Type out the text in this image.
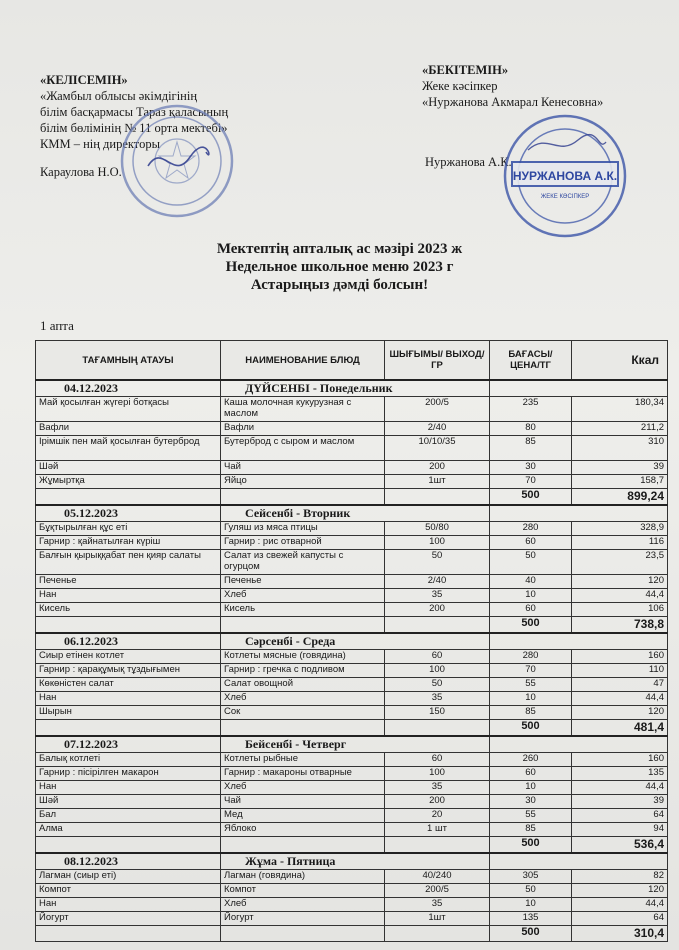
«КЕЛІСЕМІН»
«Жамбыл облысы әкімдігінің
білім басқармасы Тараз қаласының
білім бөлімінің № 11 орта мектебі»
КММ – нің директоры
Караулова Н.О.
«БЕКІТЕМІН»
Жеке кәсіпкер
«Нуржанова Акмарал Кенесовна»
Нуржанова А.К.
НУРЖАНОВА А.К.
ЖЕКЕ КӘСІПКЕР
Мектептің апталық ас мәзірі 2023 ж
Недельное школьное меню 2023 г
Астарыңыз дәмді болсын!
1 апта
ТАҒАМНЫҢ АТАУЫ	НАИМЕНОВАНИЕ БЛЮД	ШЫҒЫМЫ/ ВЫХОД/ГР	БАҒАСЫ/ ЦЕНА/ТГ	Ккал
04.12.2023	ДҮЙСЕНБІ - Понедельник			
Май қосылған жүгері ботқасы	Каша молочная кукурузная с маслом	200/5	235	180,34
Вафли	Вафли	2/40	80	211,2
Ірімшік пен май қосылған бутерброд	Бутерброд с сыром и маслом	10/10/35	85	310
Шәй	Чай	200	30	39
Жұмыртқа	Яйцо	1шт	70	158,7
			500	899,24
05.12.2023	Сейсенбі - Вторник			
Бұқтырылған құс еті	Гуляш из мяса птицы	50/80	280	328,9
Гарнир : қайнатылған күріш	Гарнир : рис отварной	100	60	116
Балғын қырыққабат пен қияр салаты	Салат из свежей капусты с огурцом	50	50	23,5
Печенье	Печенье	2/40	40	120
Нан	Хлеб	35	10	44,4
Кисель	Кисель	200	60	106
			500	738,8
06.12.2023	Сәрсенбі - Среда			
Сиыр етінен котлет	Котлеты мясные (говядина)	60	280	160
Гарнир : қарақұмық тұздығымен	Гарнир : гречка с подливом	100	70	110
Көкөністен салат	Салат овощной	50	55	47
Нан	Хлеб	35	10	44,4
Шырын	Сок	150	85	120
			500	481,4
07.12.2023	Бейсенбі - Четверг			
Балық котлеті	Котлеты рыбные	60	260	160
Гарнир : пісірілген макарон	Гарнир : макароны отварные	100	60	135
Нан	Хлеб	35	10	44,4
Шәй	Чай	200	30	39
Бал	Мед	20	55	64
Алма	Яблоко	1 шт	85	94
			500	536,4
08.12.2023	Жұма - Пятница			
Лагман (сиыр еті)	Лагман (говядина)	40/240	305	82
Компот	Компот	200/5	50	120
Нан	Хлеб	35	10	44,4
Йогурт	Йогурт	1шт	135	64
			500	310,4
